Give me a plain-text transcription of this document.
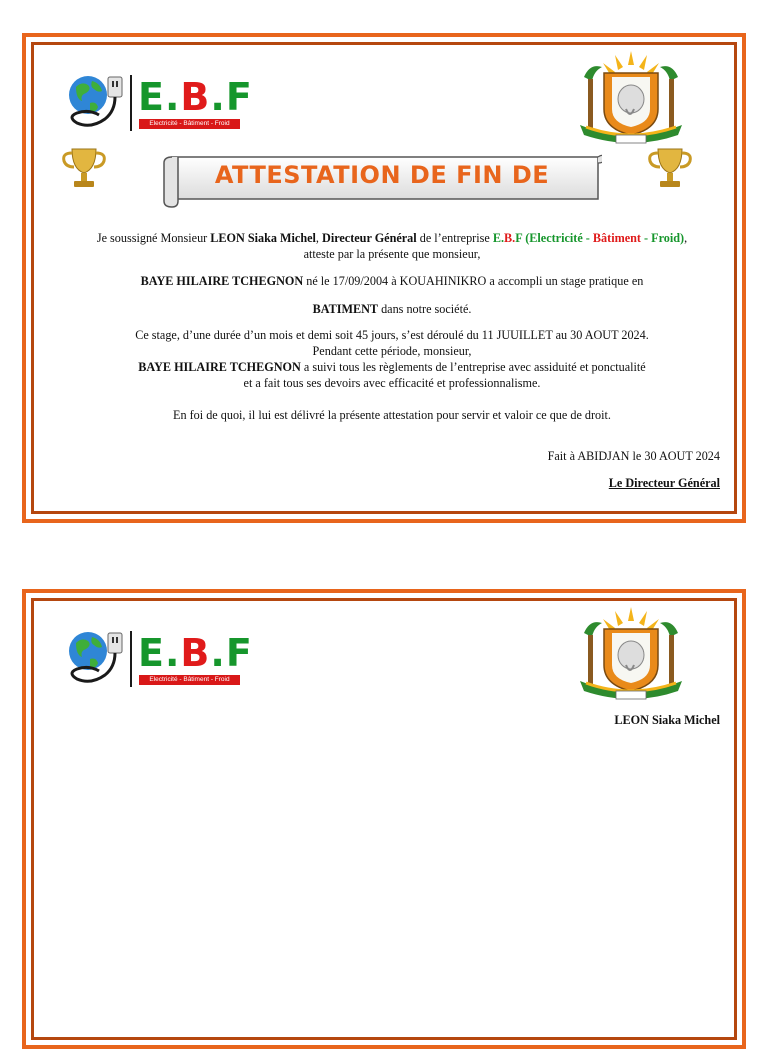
E.B.F
Electricité - Bâtiment - Froid
ATTESTATION DE FIN DE

Je soussigné Monsieur LEON Siaka Michel, Directeur Général de l’entreprise E.B.F (Electricité - Bâtiment - Froid),

atteste par la présente que monsieur,

BAYE HILAIRE TCHEGNON né le 17/09/2004 à KOUAHINIKRO a accompli un stage pratique en

BATIMENT dans notre société.

Ce stage, d’une durée d’un mois et demi soit 45 jours, s’est déroulé du 11 JUUILLET au 30 AOUT 2024.

Pendant cette période, monsieur,

BAYE HILAIRE TCHEGNON a suivi tous les règlements de l’entreprise avec assiduité et ponctualité

et a fait tous ses devoirs avec efficacité et professionnalisme.

En foi de quoi, il lui est délivré la présente attestation pour servir et valoir ce que de droit.

Fait à ABIDJAN le 30 AOUT 2024
Le Directeur Général
E.B.F
Electricité - Bâtiment - Froid
LEON Siaka Michel
